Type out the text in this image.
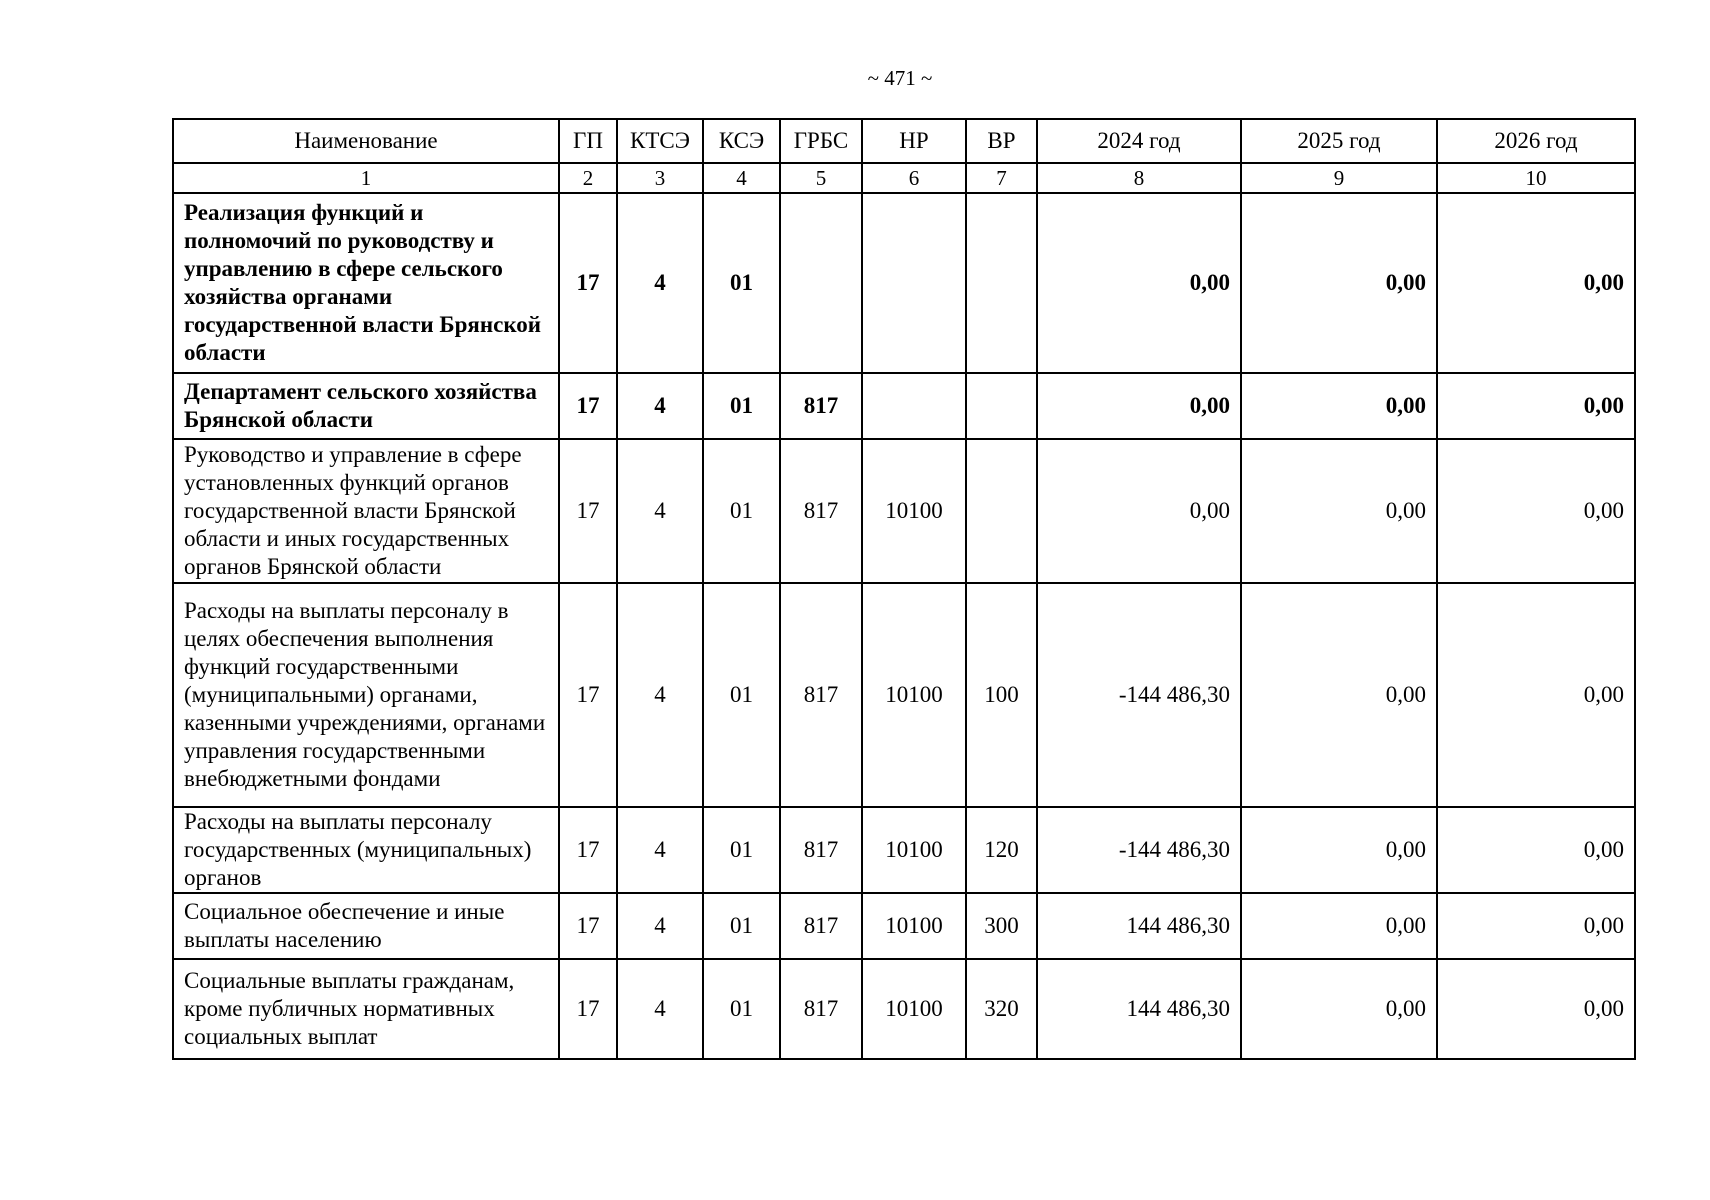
~ 471 ~
Наименование	ГП	КТСЭ	КСЭ	ГРБС	НР	ВР	2024 год	2025 год	2026 год
1	2	3	4	5	6	7	8	9	10
Реализация функций и полномочий по руководству и управлению в сфере сельского хозяйства органами государственной власти Брянской области	17	4	01				0,00	0,00	0,00
Департамент сельского хозяйства Брянской области	17	4	01	817			0,00	0,00	0,00
Руководство и управление в сфере установленных функций органов государственной власти Брянской области и иных государственных органов Брянской области	17	4	01	817	10100		0,00	0,00	0,00
Расходы на выплаты персоналу в целях обеспечения выполнения функций государственными (муниципальными) органами, казенными учреждениями, органами управления государственными внебюджетными фондами	17	4	01	817	10100	100	-144 486,30	0,00	0,00
Расходы на выплаты персоналу государственных (муниципальных) органов	17	4	01	817	10100	120	-144 486,30	0,00	0,00
Социальное обеспечение и иные выплаты населению	17	4	01	817	10100	300	144 486,30	0,00	0,00
Социальные выплаты гражданам, кроме публичных нормативных социальных выплат	17	4	01	817	10100	320	144 486,30	0,00	0,00
